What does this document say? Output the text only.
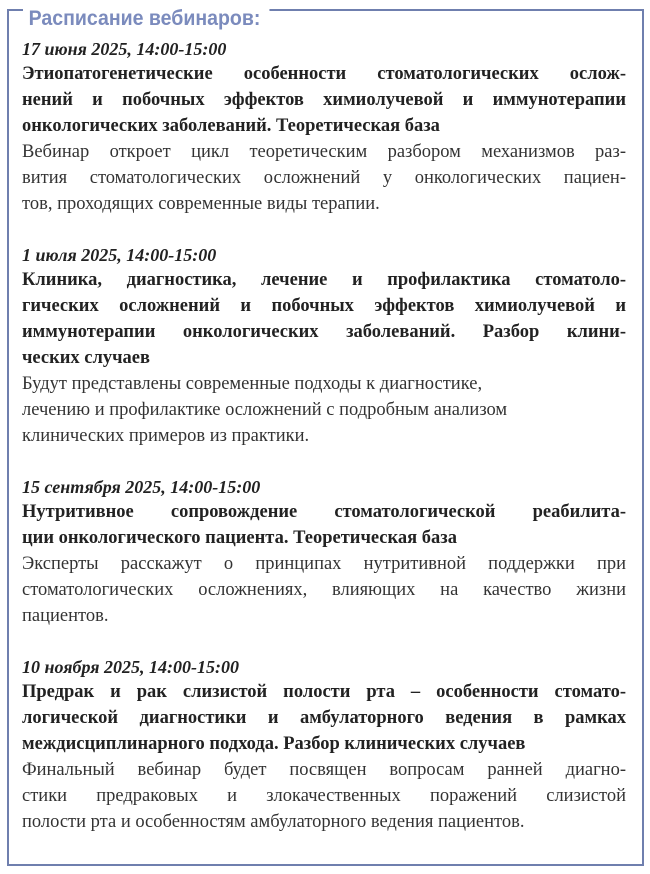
Расписание вебинаров:
17 июня 2025, 14:00-15:00
Этиопатогенетические особенности стоматологических ослож-
нений и побочных эффектов химиолучевой и иммунотерапии
онкологических заболеваний. Теоретическая база
Вебинар откроет цикл теоретическим разбором механизмов раз-
вития стоматологических осложнений у онкологических пациен-
тов, проходящих современные виды терапии.
1 июля 2025, 14:00-15:00
Клиника, диагностика, лечение и профилактика стоматоло-
гических осложнений и побочных эффектов химиолучевой и
иммунотерапии онкологических заболеваний. Разбор клини-
ческих случаев
Будут представлены современные подходы к диагностике,
лечению и профилактике осложнений с подробным анализом
клинических примеров из практики.
15 сентября 2025, 14:00-15:00
Нутритивное сопровождение стоматологической реабилита-
ции онкологического пациента. Теоретическая база
Эксперты расскажут о принципах нутритивной поддержки при
стоматологических осложнениях, влияющих на качество жизни
пациентов.
10 ноября 2025, 14:00-15:00
Предрак и рак слизистой полости рта – особенности стомато-
логической диагностики и амбулаторного ведения в рамках
междисциплинарного подхода. Разбор клинических случаев
Финальный вебинар будет посвящен вопросам ранней диагно-
стики предраковых и злокачественных поражений слизистой
полости рта и особенностям амбулаторного ведения пациентов.
